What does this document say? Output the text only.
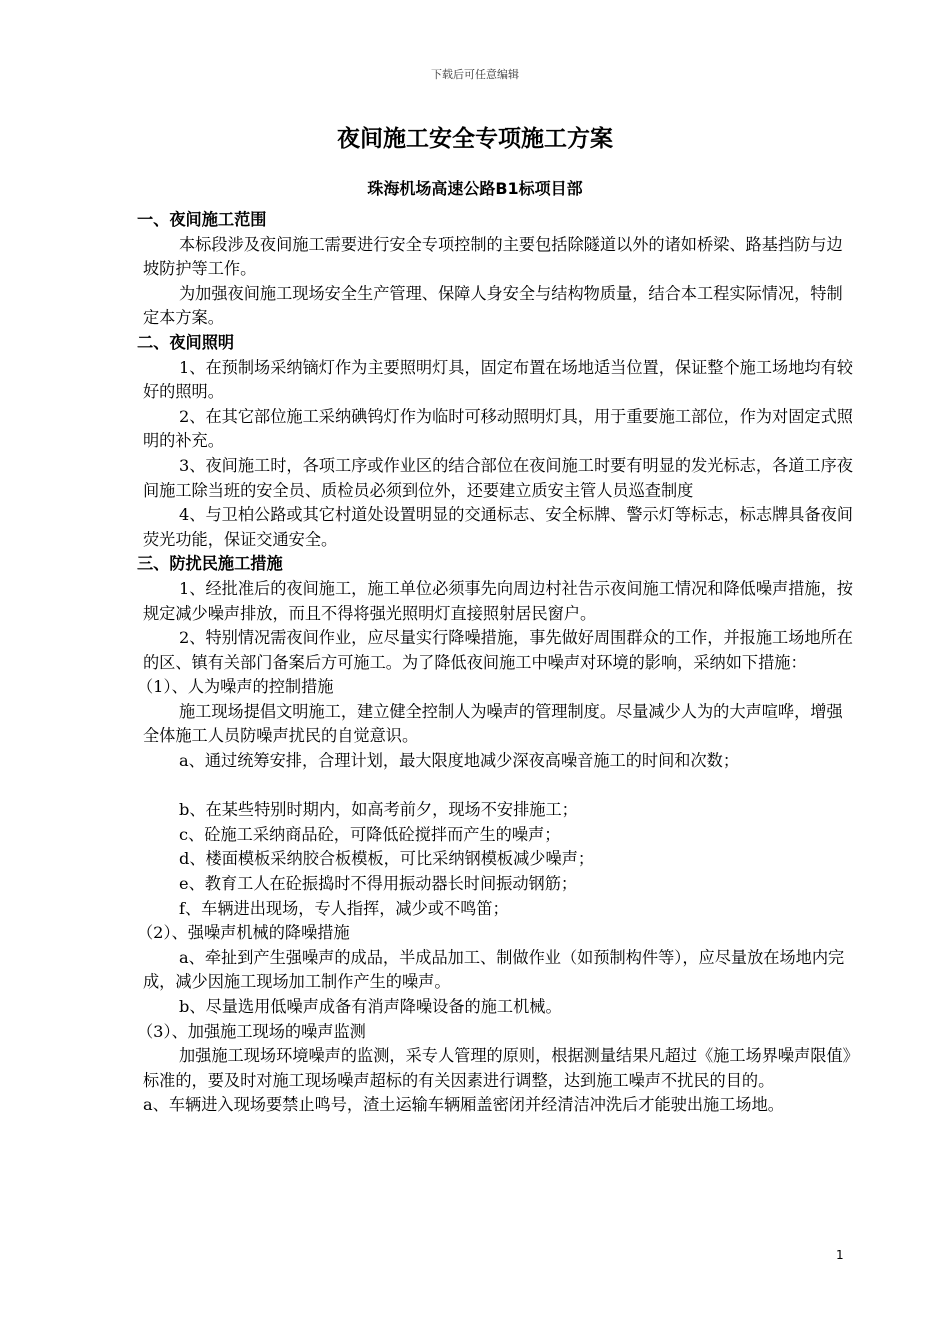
下载后可任意编辑
夜间施工安全专项施工方案
珠海机场高速公路B1标项目部

一、夜间施工范围

本标段涉及夜间施工需要进行安全专项控制的主要包括除隧道以外的诸如桥梁、路基挡防与边坡防护等工作。

为加强夜间施工现场安全生产管理、保障人身安全与结构物质量，结合本工程实际情况，特制定本方案。

二、夜间照明

1、在预制场采纳镝灯作为主要照明灯具，固定布置在场地适当位置，保证整个施工场地均有较好的照明。

2、在其它部位施工采纳碘钨灯作为临时可移动照明灯具，用于重要施工部位，作为对固定式照明的补充。

3、夜间施工时，各项工序或作业区的结合部位在夜间施工时要有明显的发光标志，各道工序夜间施工除当班的安全员、质检员必须到位外，还要建立质安主管人员巡查制度

4、与卫柏公路或其它村道处设置明显的交通标志、安全标牌、警示灯等标志，标志牌具备夜间荧光功能，保证交通安全。

三、防扰民施工措施

1、经批准后的夜间施工，施工单位必须事先向周边村社告示夜间施工情况和降低噪声措施，按规定减少噪声排放，而且不得将强光照明灯直接照射居民窗户。

2、特别情况需夜间作业，应尽量实行降噪措施，事先做好周围群众的工作，并报施工场地所在的区、镇有关部门备案后方可施工。为了降低夜间施工中噪声对环境的影响，采纳如下措施：

（1）、人为噪声的控制措施

施工现场提倡文明施工，建立健全控制人为噪声的管理制度。尽量减少人为的大声喧哗，增强全体施工人员防噪声扰民的自觉意识。

a、通过统筹安排，合理计划，最大限度地减少深夜高噪音施工的时间和次数；

b、在某些特别时期内，如高考前夕，现场不安排施工；

c、砼施工采纳商品砼，可降低砼搅拌而产生的噪声；

d、楼面模板采纳胶合板模板，可比采纳钢模板减少噪声；

e、教育工人在砼振捣时不得用振动器长时间振动钢筋；

f、车辆进出现场，专人指挥，减少或不鸣笛；

（2）、强噪声机械的降噪措施

a、牵扯到产生强噪声的成品，半成品加工、制做作业（如预制构件等），应尽量放在场地内完成，减少因施工现场加工制作产生的噪声。

b、尽量选用低噪声成备有消声降噪设备的施工机械。

（3）、加强施工现场的噪声监测

加强施工现场环境噪声的监测，采专人管理的原则，根据测量结果凡超过《施工场界噪声限值》标准的，要及时对施工现场噪声超标的有关因素进行调整，达到施工噪声不扰民的目的。

a、车辆进入现场要禁止鸣号，渣土运输车辆厢盖密闭并经清洁冲洗后才能驶出施工场地。

1
